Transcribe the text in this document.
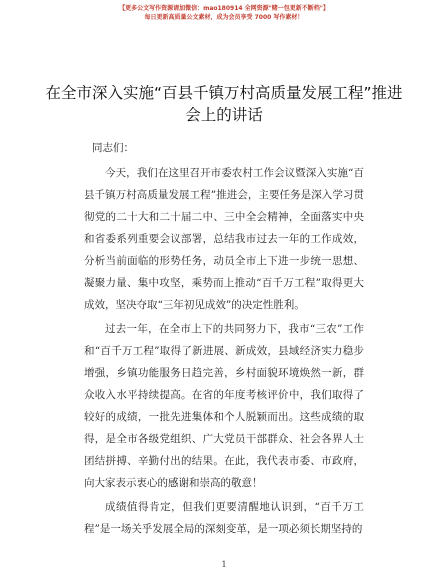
【更多公文写作资源请加微信：mao180914 全网资源"赌一包更新不断档"】
每日更新高质量公文素材，成为会员享受 7000 写作素材！
在全市深入实施“百县千镇万村高质量发展工程”推进会上的讲话
同志们：

今天，我们在这里召开市委农村工作会议暨深入实施“百县千镇万村高质量发展工程”推进会，主要任务是深入学习贯彻党的二十大和二十届二中、三中全会精神，全面落实中央和省委系列重要会议部署，总结我市过去一年的工作成效，分析当前面临的形势任务，动员全市上下进一步统一思想、凝聚力量、集中攻坚，乘势而上推动“百千万工程”取得更大成效，坚决夺取“三年初见成效”的决定性胜利。

过去一年，在全市上下的共同努力下，我市“三农”工作和“百千万工程”取得了新进展、新成效，县域经济实力稳步增强，乡镇功能服务日趋完善，乡村面貌环境焕然一新，群众收入水平持续提高。在省的年度考核评价中，我们取得了较好的成绩，一批先进集体和个人脱颖而出。这些成绩的取得，是全市各级党组织、广大党员干部群众、社会各界人士团结拼搏、辛勤付出的结果。在此，我代表市委、市政府，向大家表示衷心的感谢和崇高的敬意！

成绩值得肯定，但我们更要清醒地认识到，“百千万工程”是一场关乎发展全局的深刻变革，是一项必须长期坚持的

1
